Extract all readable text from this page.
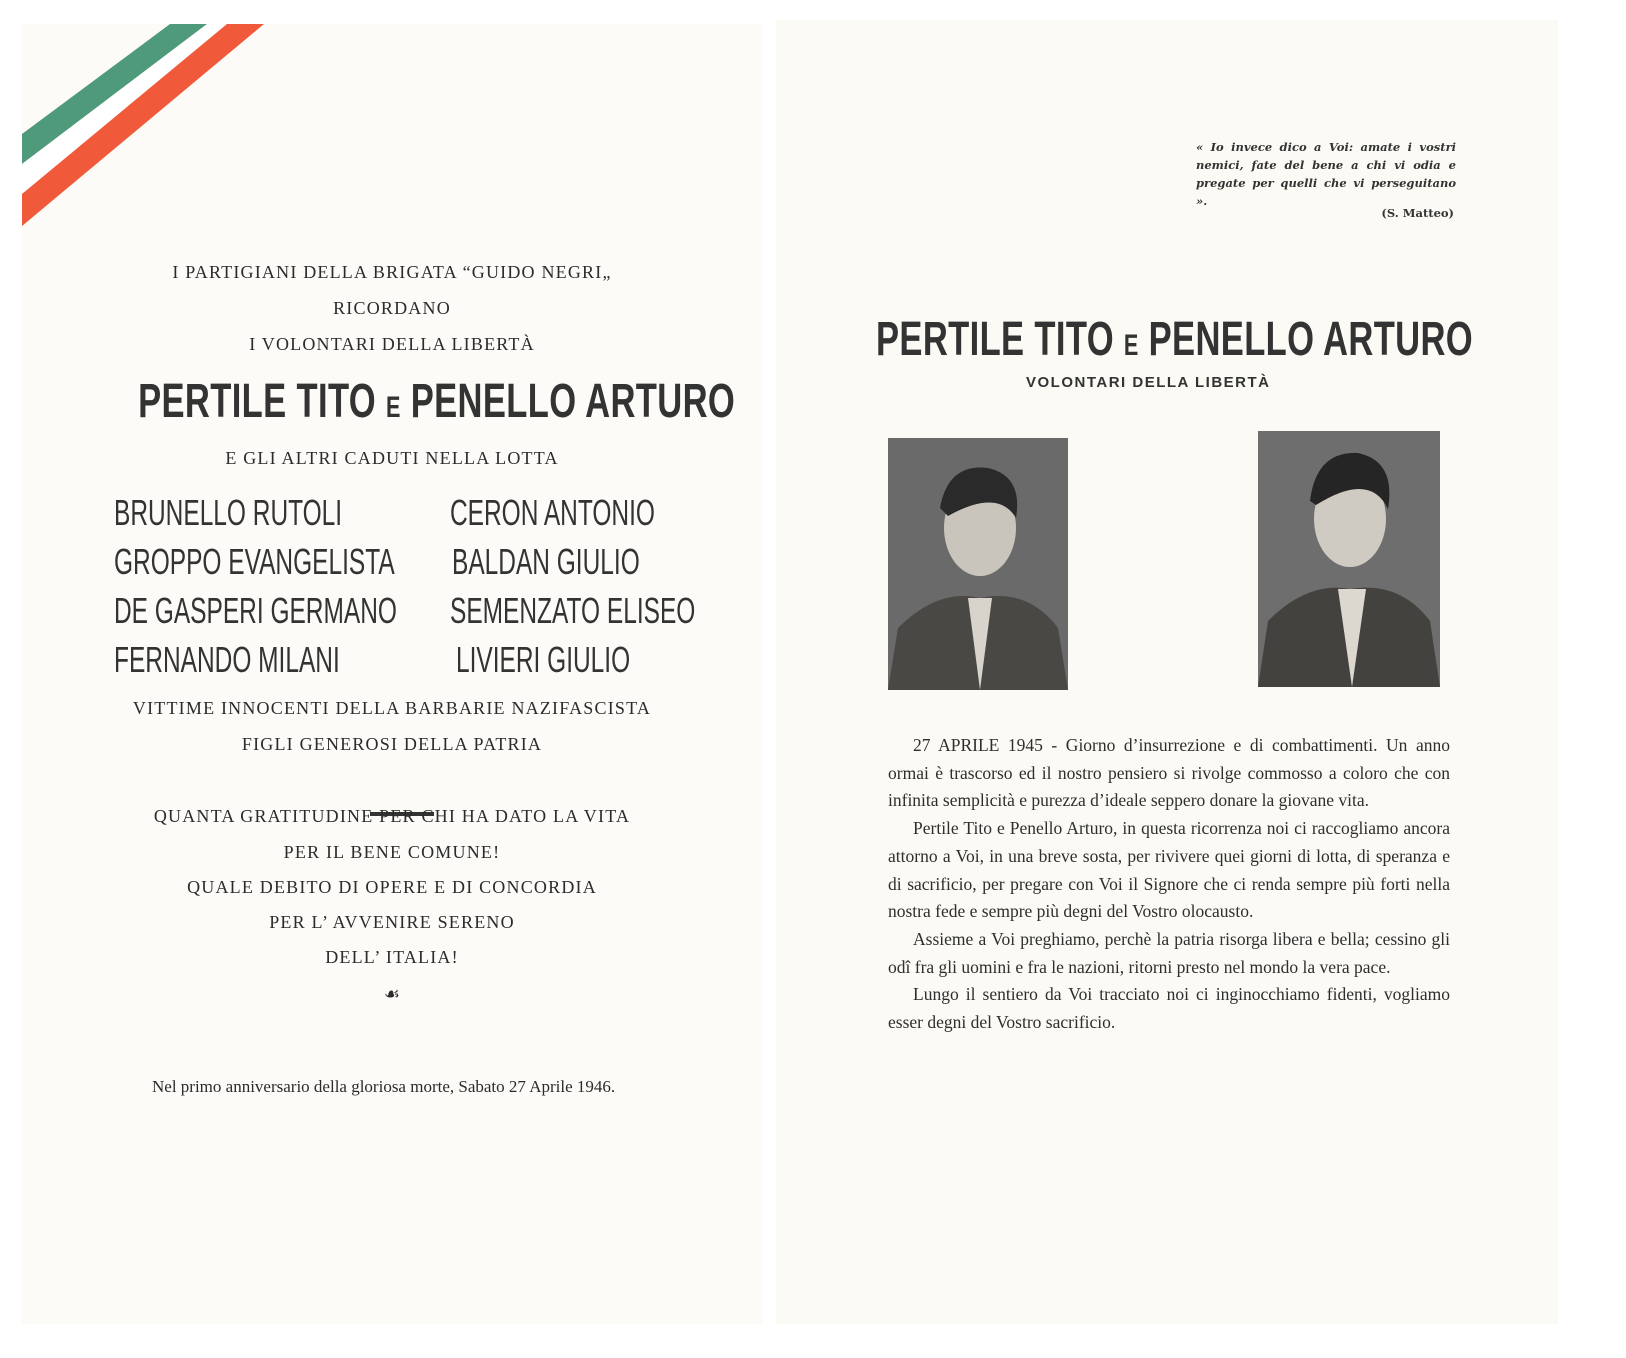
I PARTIGIANI DELLA BRIGATA “GUIDO NEGRI„
RICORDANO
I VOLONTARI DELLA LIBERTÀ
PERTILE TITO E PENELLO ARTURO
E GLI ALTRI CADUTI NELLA LOTTA
BRUNELLO RUTOLI
GROPPO EVANGELISTA
DE GASPERI GERMANO
FERNANDO MILANI
CERON ANTONIO
BALDAN GIULIO
SEMENZATO ELISEO
LIVIERI GIULIO
VITTIME INNOCENTI DELLA BARBARIE NAZIFASCISTA
FIGLI GENEROSI DELLA PATRIA
QUANTA GRATITUDINE PER CHI HA DATO LA VITA
PER IL BENE COMUNE!
QUALE DEBITO DI OPERE E DI CONCORDIA
PER L’ AVVENIRE SERENO
DELL’ ITALIA!
☙
Nel primo anniversario della gloriosa morte, Sabato 27 Aprile 1946.
« Io invece dico a Voi: amate i vostri nemici, fate del bene a chi vi odia e pregate per quelli che vi perseguitano ».
(S. Matteo)
PERTILE TITO E PENELLO ARTURO
VOLONTARI DELLA LIBERTÀ

27 APRILE 1945 - Giorno d’insurrezione e di combattimenti. Un anno ormai è trascorso ed il nostro pensiero si rivolge commosso a coloro che con infinita semplicità e purezza d’ideale seppero donare la giovane vita.

Pertile Tito e Penello Arturo, in questa ricorrenza noi ci raccogliamo ancora attorno a Voi, in una breve sosta, per rivivere quei giorni di lotta, di speranza e di sacrificio, per pregare con Voi il Signore che ci renda sempre più forti nella nostra fede e sempre più degni del Vostro olocausto.

Assieme a Voi preghiamo, perchè la patria risorga libera e bella; cessino gli odî fra gli uomini e fra le nazioni, ritorni presto nel mondo la vera pace.

Lungo il sentiero da Voi tracciato noi ci inginocchiamo fidenti, vogliamo esser degni del Vostro sacrificio.
